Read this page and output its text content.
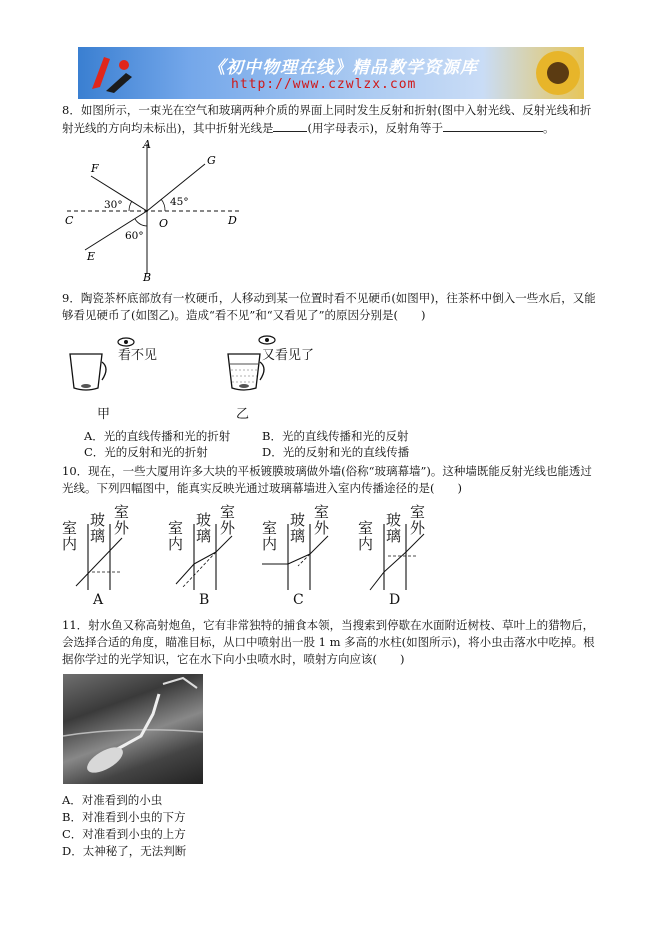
《初中物理在线》精品教学资源库
http://www.czwlzx.com
8．如图所示，一束光在空气和玻璃两种介质的界面上同时发生反射和折射(图中入射光线、反射光线和折
射光线的方向均未标出)，其中折射光线是	(用字母表示)，反射角等于	。
A
B
C	D
E
F
G
O
30°	45°
60°
9．陶瓷茶杯底部放有一枚硬币，人移动到某一位置时看不见硬币(如图甲)，往茶杯中倒入一些水后，又能
够看见硬币了(如图乙)。造成“看不见”和“又看见了”的原因分别是(　　)
看不见
甲
又看见了
乙
A．光的直线传播和光的折射	B．光的直线传播和光的反射
C．光的反射和光的折射	D．光的反射和光的直线传播
10．现在，一些大厦用许多大块的平板镀膜玻璃做外墙(俗称“玻璃幕墙”)。这种墙既能反射光线也能透过
光线。下列四幅图中，能真实反映光通过玻璃幕墙进入室内传播途径的是(　　)
室内
玻璃
室外
A
室内
玻璃
室外
B
室内
玻璃
室外
C
室内
玻璃
室外
D
11．射水鱼又称高射炮鱼，它有非常独特的捕食本领，当搜索到停歇在水面附近树枝、草叶上的猎物后，
会选择合适的角度，瞄准目标，从口中喷射出一股 1 m 多高的水柱(如图所示)，将小虫击落水中吃掉。根
据你学过的光学知识，它在水下向小虫喷水时，喷射方向应该(　　)
A．对准看到的小虫
B．对准看到小虫的下方
C．对准看到小虫的上方
D．太神秘了，无法判断
